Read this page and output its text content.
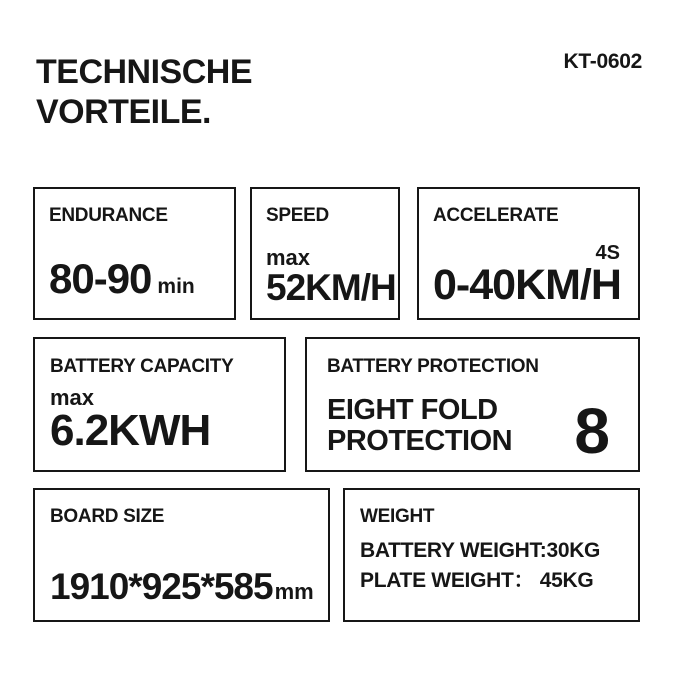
TECHNISCHE
VORTEILE.
KT-0602
ENDURANCE
80-90 min
SPEED
max
52KM/H
ACCELERATE
4S
0-40KM/H
BATTERY CAPACITY
max
6.2KWH
BATTERY PROTECTION
EIGHT FOLD
PROTECTION 8
BOARD SIZE
1910*925*585 mm
WEIGHT
BATTERY WEIGHT:30KG
PLATE WEIGHT： 45KG
